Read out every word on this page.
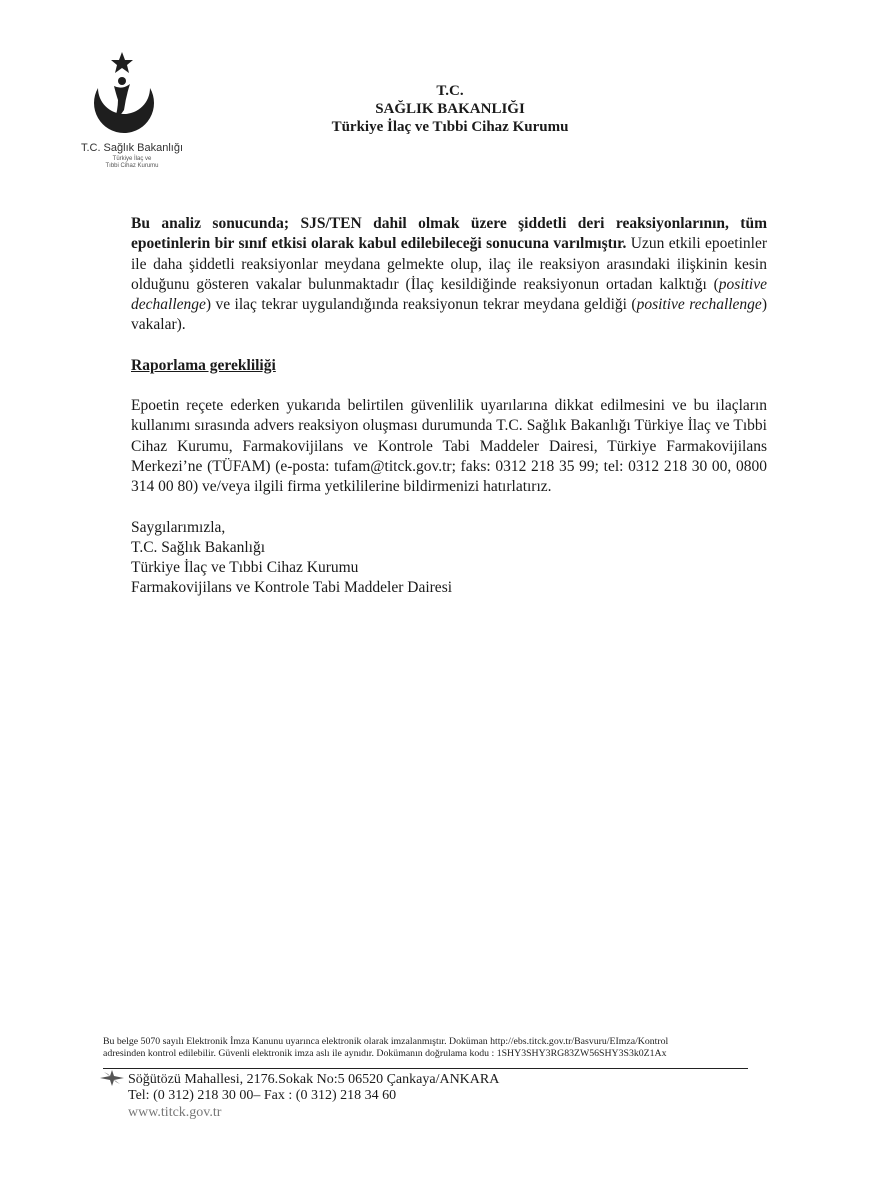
T.C. Sağlık Bakanlığı
Türkiye İlaç ve
Tıbbi Cihaz Kurumu
T.C.
SAĞLIK BAKANLIĞI
Türkiye İlaç ve Tıbbi Cihaz Kurumu

Bu analiz sonucunda; SJS/TEN dahil olmak üzere şiddetli deri reaksiyonlarının, tüm epoetinlerin bir sınıf etkisi olarak kabul edilebileceği sonucuna varılmıştır. Uzun etkili epoetinler ile daha şiddetli reaksiyonlar meydana gelmekte olup, ilaç ile reaksiyon arasındaki ilişkinin kesin olduğunu gösteren vakalar bulunmaktadır (İlaç kesildiğinde reaksiyonun ortadan kalktığı (positive dechallenge) ve ilaç tekrar uygulandığında reaksiyonun tekrar meydana geldiği (positive rechallenge) vakalar).

Raporlama gerekliliği

Epoetin reçete ederken yukarıda belirtilen güvenlilik uyarılarına dikkat edilmesini ve bu ilaçların kullanımı sırasında advers reaksiyon oluşması durumunda T.C. Sağlık Bakanlığı Türkiye İlaç ve Tıbbi Cihaz Kurumu, Farmakovijilans ve Kontrole Tabi Maddeler Dairesi, Türkiye Farmakovijilans Merkezi’ne (TÜFAM) (e-posta: tufam@titck.gov.tr; faks: 0312 218 35 99; tel: 0312 218 30 00, 0800 314 00 80) ve/veya ilgili firma yetkililerine bildirmenizi hatırlatırız.

Saygılarımızla,
T.C. Sağlık Bakanlığı
Türkiye İlaç ve Tıbbi Cihaz Kurumu
Farmakovijilans ve Kontrole Tabi Maddeler Dairesi
Bu belge 5070 sayılı Elektronik İmza Kanunu uyarınca elektronik olarak imzalanmıştır. Doküman http://ebs.titck.gov.tr/Basvuru/EImza/Kontrol
adresinden kontrol edilebilir. Güvenli elektronik imza aslı ile aynıdır. Dokümanın doğrulama kodu : 1SHY3SHY3RG83ZW56SHY3S3k0Z1Ax
Söğütözü Mahallesi, 2176.Sokak No:5 06520 Çankaya/ANKARA
Tel: (0 312) 218 30 00– Fax : (0 312) 218 34 60
www.titck.gov.tr
